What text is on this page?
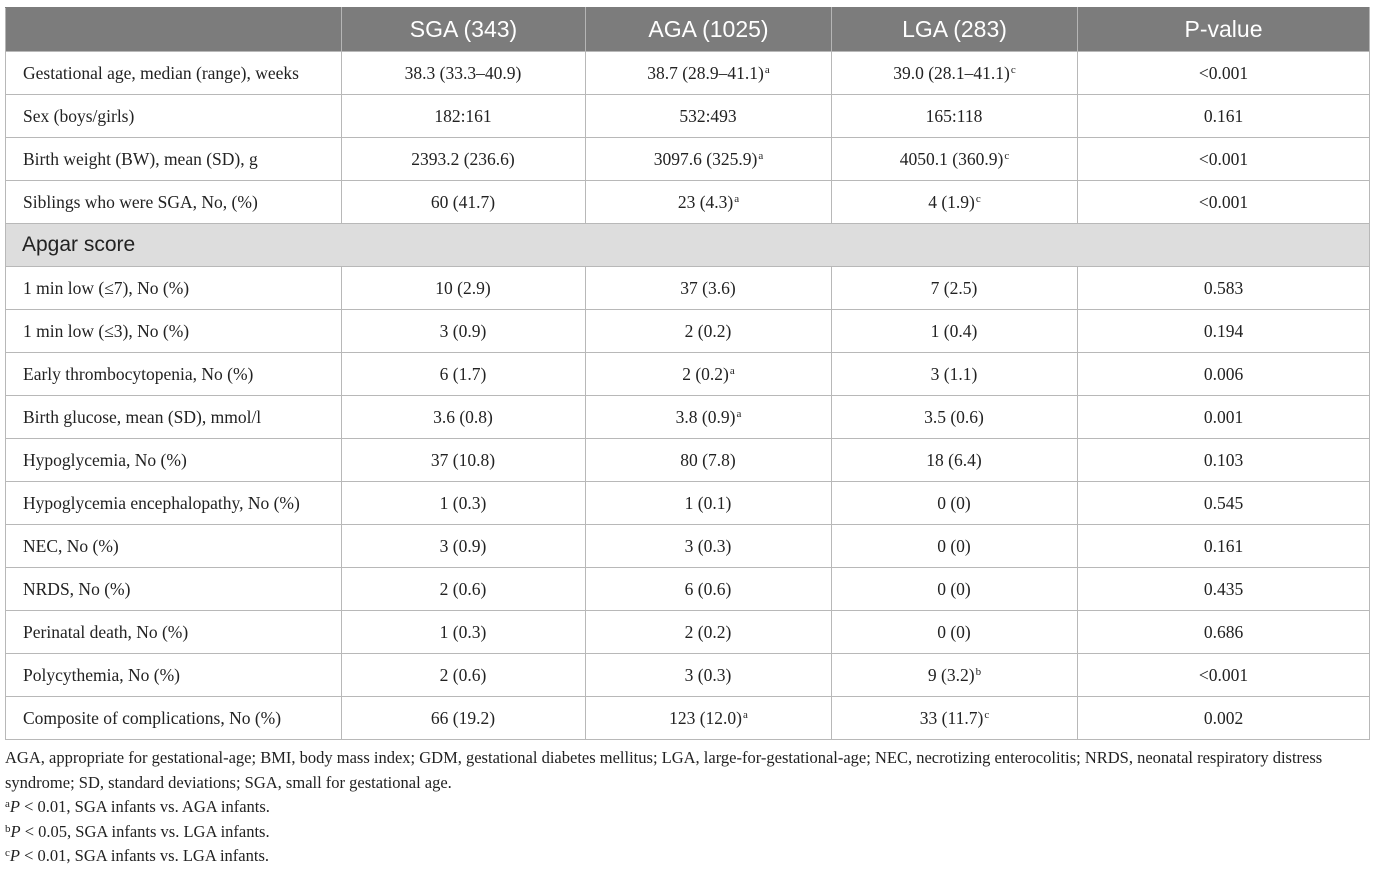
	SGA (343)	AGA (1025)	LGA (283)	P-value
Gestational age, median (range), weeks	38.3 (33.3–40.9)	38.7 $(28.9-41.1)^a$	39.0 $(28.1-41.1)^c$	<0.001
Sex (boys/girls)	182:161	532:493	165:118	0.161
Birth weight (BW), mean (SD), g	2393.2 (236.6)	3097.6 $(325.9)^a$	4050.1 $(360.9)^c$	<0.001
Siblings who were SGA, No, (%)	60 (41.7)	23 $(4.3)^a$	4 $(1.9)^c$	<0.001
Apgar score				
1 min low (≤7), No (%)	10 (2.9)	37 (3.6)	7 (2.5)	0.583
1 min low (≤3), No (%)	3 (0.9)	2 (0.2)	1 (0.4)	0.194
Early thrombocytopenia, No (%)	6 (1.7)	2 $(0.2)^a$	3 (1.1)	0.006
Birth glucose, mean (SD), mmol/l	3.6 (0.8)	3.8 $(0.9)^a$	3.5 (0.6)	0.001
Hypoglycemia, No (%)	37 (10.8)	80 (7.8)	18 (6.4)	0.103
Hypoglycemia encephalopathy, No (%)	1 (0.3)	1 (0.1)	0 (0)	0.545
NEC, No (%)	3 (0.9)	3 (0.3)	0 (0)	0.161
NRDS, No (%)	2 (0.6)	6 (0.6)	0 (0)	0.435
Perinatal death, No (%)	1 (0.3)	2 (0.2)	0 (0)	0.686
Polycythemia, No (%)	2 (0.6)	3 (0.3)	9 $(3.2)^b$	<0.001
Composite of complications, No (%)	66 (19.2)	123 $(12.0)^a$	33 $(11.7)^c$	0.002

AGA, appropriate for gestational-age; BMI, body mass index; GDM, gestational diabetes mellitus; LGA, large-for-gestational-age; NEC, necrotizing enterocolitis; NRDS, neonatal respiratory distress syndrome; SD, standard deviations; SGA, small for gestational age.

$^a$P < 0.01, SGA infants vs. AGA infants.

$^b$P < 0.05, SGA infants vs. LGA infants.

$^c$P < 0.01, SGA infants vs. LGA infants.
